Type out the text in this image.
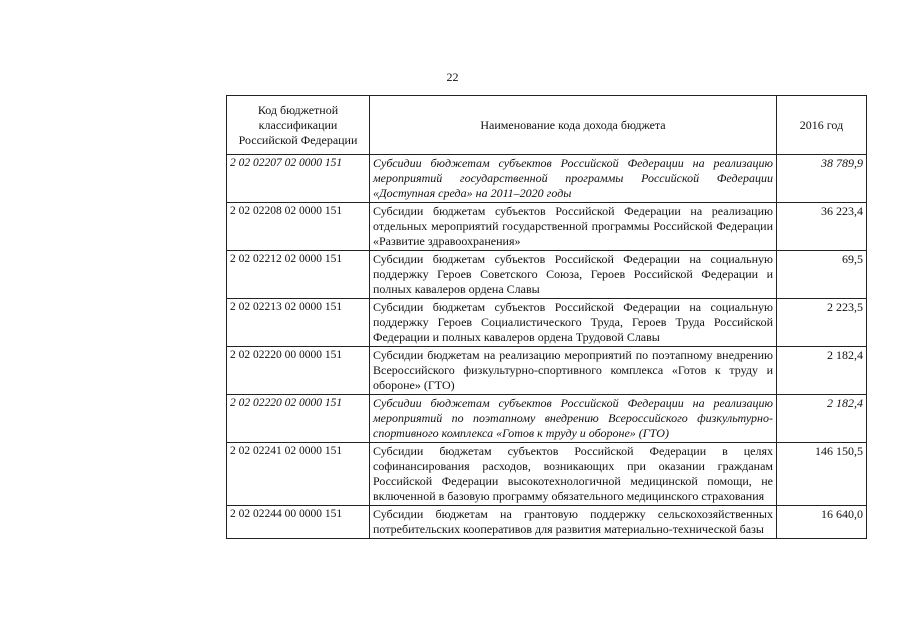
22
Код бюджетной классификации Российской Федерации	Наименование кода дохода бюджета	2016 год
2 02 02207 02 0000 151	Субсидии бюджетам субъектов Российской Федерации на реализацию мероприятий государственной программы Российской Федерации «Доступная среда» на 2011–2020 годы	38 789,9
2 02 02208 02 0000 151	Субсидии бюджетам субъектов Российской Федерации на реализацию отдельных мероприятий государственной программы Российской Федерации «Развитие здравоохранения»	36 223,4
2 02 02212 02 0000 151	Субсидии бюджетам субъектов Российской Федерации на социальную поддержку Героев Советского Союза, Героев Российской Федерации и полных кавалеров ордена Славы	69,5
2 02 02213 02 0000 151	Субсидии бюджетам субъектов Российской Федерации на социальную поддержку Героев Социалистического Труда, Героев Труда Российской Федерации и полных кавалеров ордена Трудовой Славы	2 223,5
2 02 02220 00 0000 151	Субсидии бюджетам на реализацию мероприятий по поэтапному внедрению Всероссийского физкультурно-спортивного комплекса «Готов к труду и обороне» (ГТО)	2 182,4
2 02 02220 02 0000 151	Субсидии бюджетам субъектов Российской Федерации на реализацию мероприятий по поэтапному внедрению Всероссийского физкультурно-спортивного комплекса «Готов к труду и обороне» (ГТО)	2 182,4
2 02 02241 02 0000 151	Субсидии бюджетам субъектов Российской Федерации в целях софинансирования расходов, возникающих при оказании гражданам Российской Федерации высокотехнологичной медицинской помощи, не включенной в базовую программу обязательного медицинского страхования	146 150,5
2 02 02244 00 0000 151	Субсидии бюджетам на грантовую поддержку сельскохозяйственных потребительских кооперативов для развития материально-технической базы	16 640,0
